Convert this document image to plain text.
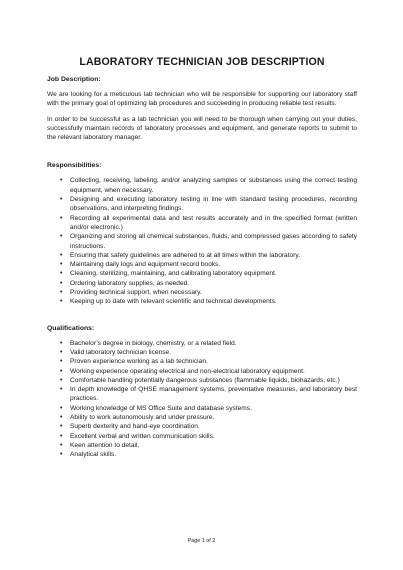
LABORATORY TECHNICIAN JOB DESCRIPTION
Job Description:

We are looking for a meticulous lab technician who will be responsible for supporting our laboratory staff with the primary goal of optimizing lab procedures and succeeding in producing reliable test results.

In order to be successful as a lab technician you will need to be thorough when carrying out your duties, successfully maintain records of laboratory processes and equipment, and generate reports to submit to the relevant laboratory manager.

Responsibilities:
• Collecting, receiving, labeling, and/or analyzing samples or substances using the correct testing equipment, when necessary.
• Designing and executing laboratory testing in line with standard testing procedures, recording observations, and interpreting findings.
• Recording all experimental data and test results accurately and in the specified format (written and/or electronic.)
• Organizing and storing all chemical substances, fluids, and compressed gases according to safety instructions.
• Ensuring that safety guidelines are adhered to at all times within the laboratory.
• Maintaining daily logs and equipment record books.
• Cleaning, sterilizing, maintaining, and calibrating laboratory equipment.
• Ordering laboratory supplies, as needed.
• Providing technical support, when necessary.
• Keeping up to date with relevant scientific and technical developments.
Qualifications:
• Bachelor’s degree in biology, chemistry, or a related field.
• Valid laboratory technician license.
• Proven experience working as a lab technician.
• Working experience operating electrical and non-electrical laboratory equipment.
• Comfortable handling potentially dangerous substances (flammable liquids, biohazards, etc.)
• In depth knowledge of QHSE management systems, preventative measures, and laboratory best practices.
• Working knowledge of MS Office Suite and database systems.
• Ability to work autonomously and under pressure.
• Superb dexterity and hand-eye coordination.
• Excellent verbal and written communication skills.
• Keen attention to detail.
• Analytical skills.
Page 1 of 2
